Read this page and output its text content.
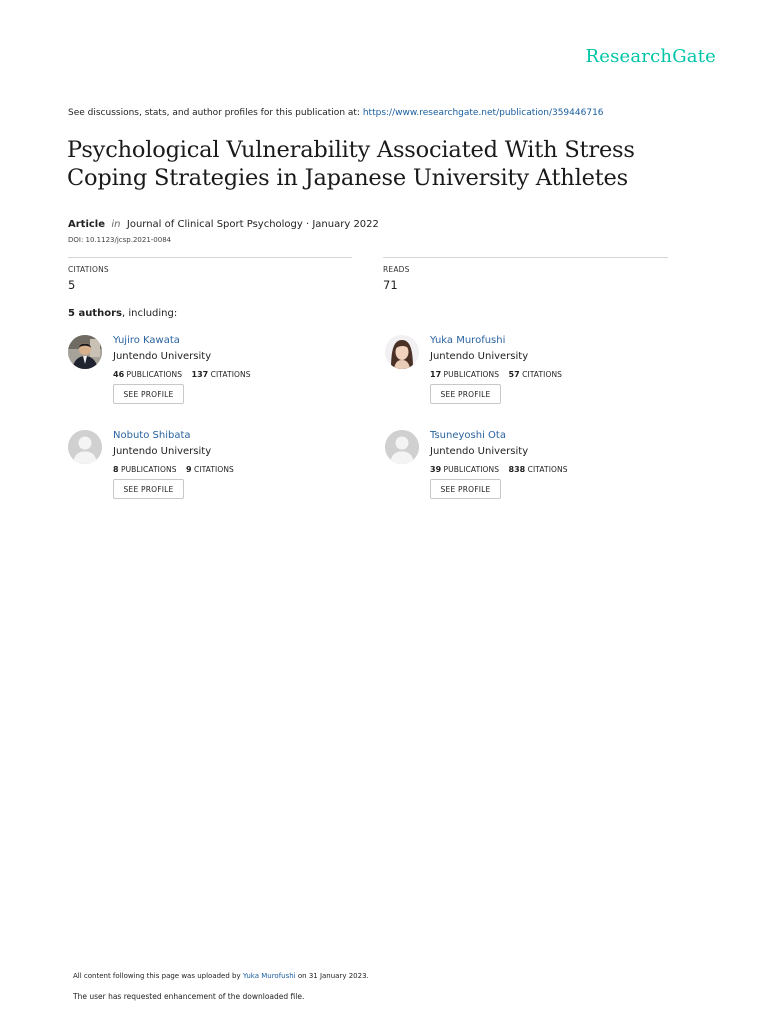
ResearchGate
See discussions, stats, and author profiles for this publication at: https://www.researchgate.net/publication/359446716
Psychological Vulnerability Associated With Stress
Coping Strategies in Japanese University Athletes
Article in Journal of Clinical Sport Psychology · January 2022
DOI: 10.1123/jcsp.2021-0084
CITATIONS
5
READS
71
5 authors, including:
Yujiro Kawata
Juntendo University
46 PUBLICATIONS 137 CITATIONS
SEE PROFILE
Yuka Murofushi
Juntendo University
17 PUBLICATIONS 57 CITATIONS
SEE PROFILE
Nobuto Shibata
Juntendo University
8 PUBLICATIONS 9 CITATIONS
SEE PROFILE
Tsuneyoshi Ota
Juntendo University
39 PUBLICATIONS 838 CITATIONS
SEE PROFILE
All content following this page was uploaded by Yuka Murofushi on 31 January 2023.
The user has requested enhancement of the downloaded file.
